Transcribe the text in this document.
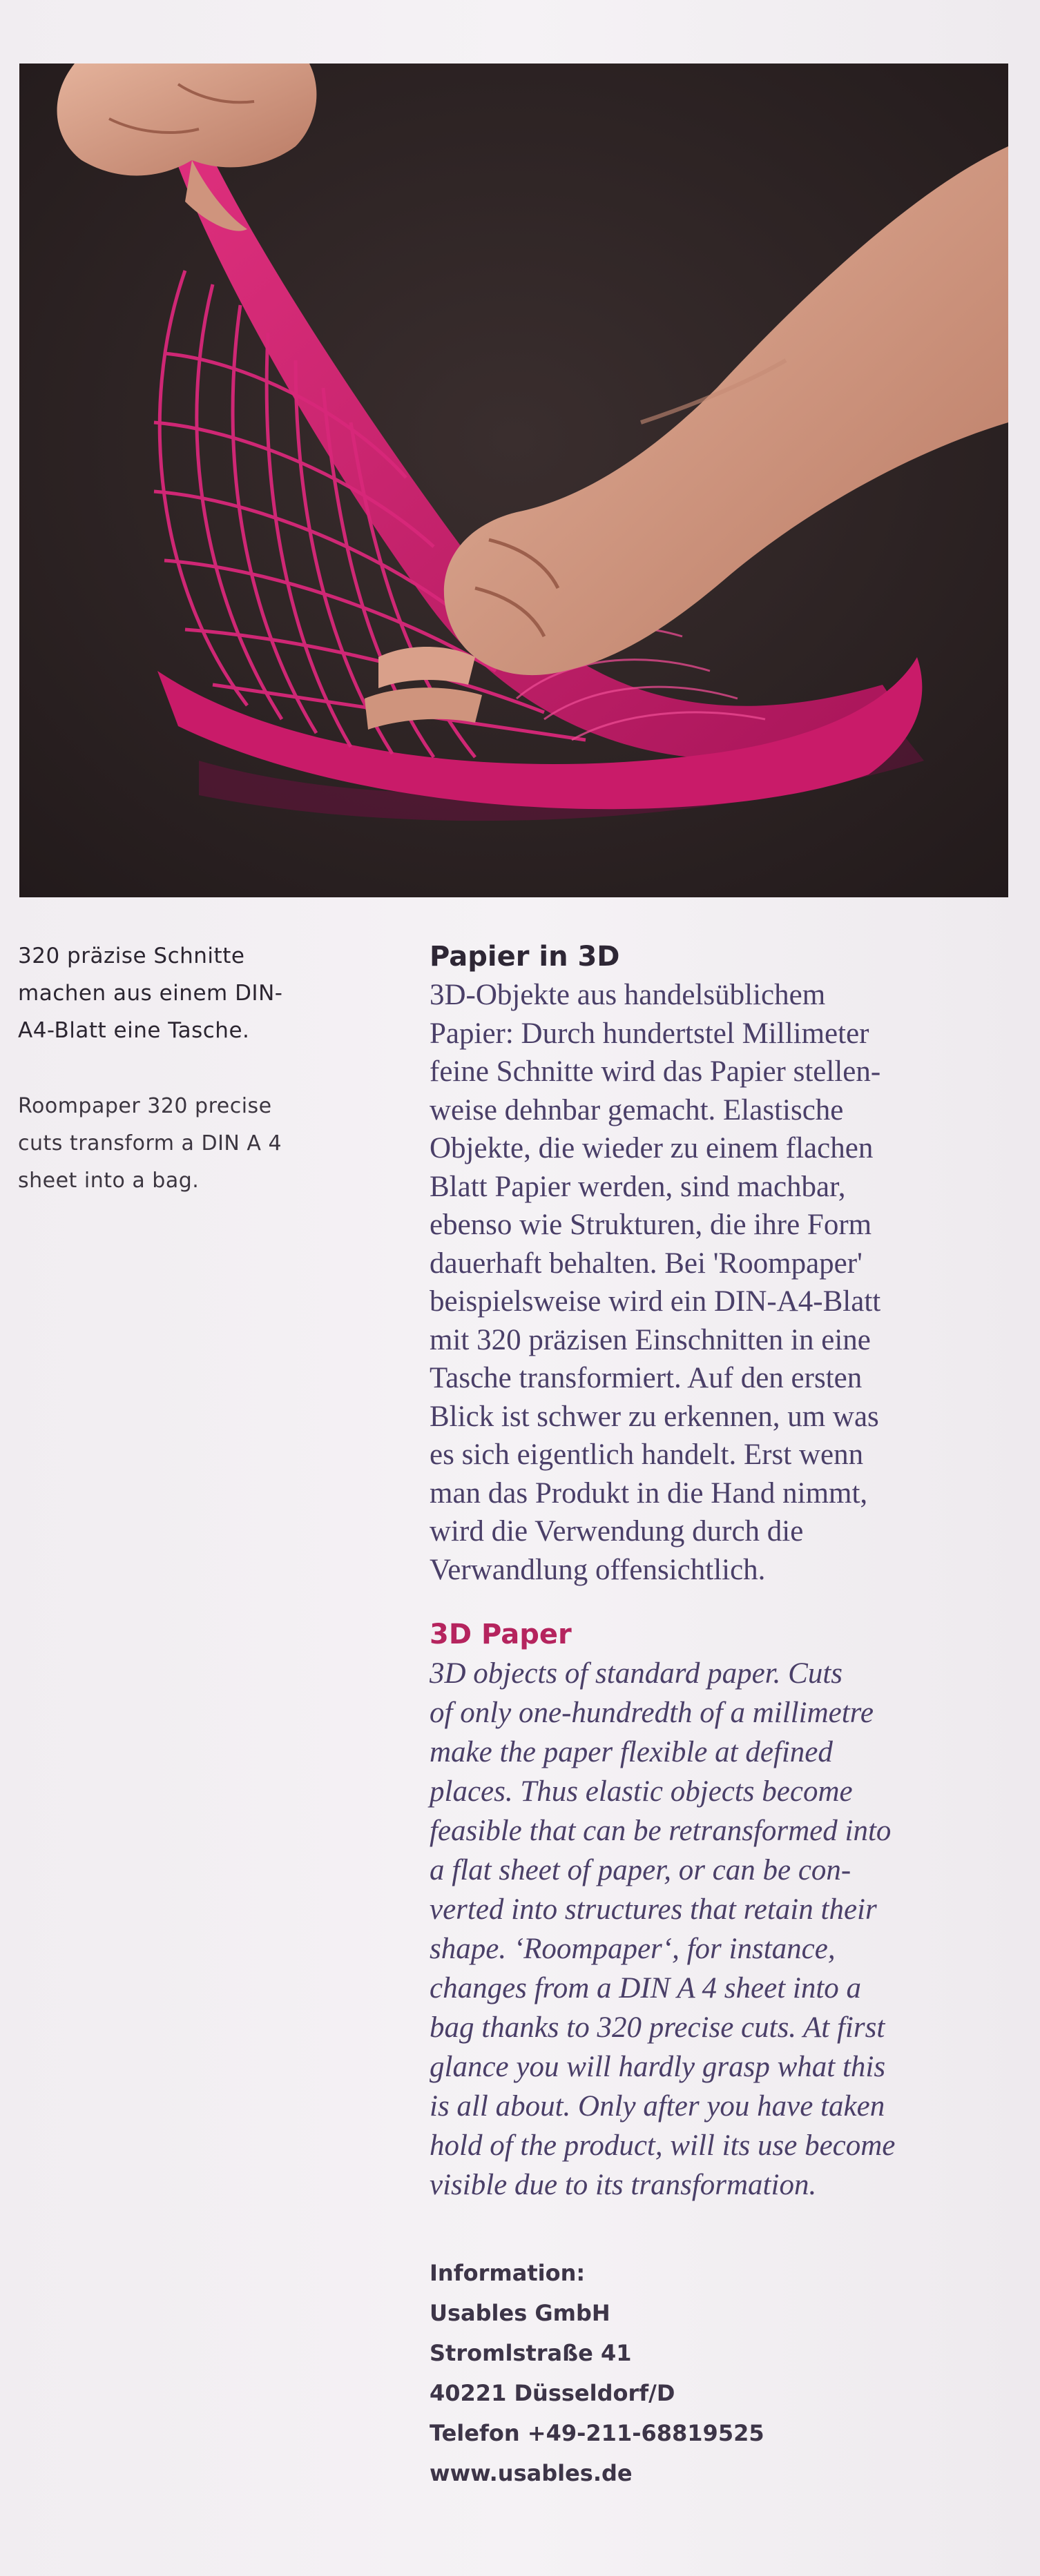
320 präzise Schnitte
machen aus einem DIN-
A4-Blatt eine Tasche.

Roompaper 320 precise
cuts transform a DIN A 4
sheet into a bag.

Papier in 3D

3D-Objekte aus handelsüblichem
Papier: Durch hundertstel Millimeter
feine Schnitte wird das Papier stellen-
weise dehnbar gemacht. Elastische
Objekte, die wieder zu einem flachen
Blatt Papier werden, sind machbar,
ebenso wie Strukturen, die ihre Form
dauerhaft behalten. Bei 'Roompaper'
beispielsweise wird ein DIN-A4-Blatt
mit 320 präzisen Einschnitten in eine
Tasche transformiert. Auf den ersten
Blick ist schwer zu erkennen, um was
es sich eigentlich handelt. Erst wenn
man das Produkt in die Hand nimmt,
wird die Verwendung durch die
Verwandlung offensichtlich.

3D Paper

3D objects of standard paper. Cuts
of only one-hundredth of a millimetre
make the paper flexible at defined
places. Thus elastic objects become
feasible that can be retransformed into
a flat sheet of paper, or can be con-
verted into structures that retain their
shape. ‘Roompaper‘, for instance,
changes from a DIN A 4 sheet into a
bag thanks to 320 precise cuts. At first
glance you will hardly grasp what this
is all about. Only after you have taken
hold of the product, will its use become
visible due to its transformation.

Information:
Usables GmbH
Stromlstraße 41
40221 Düsseldorf/D
Telefon +49-211-68819525
www.usables.de
